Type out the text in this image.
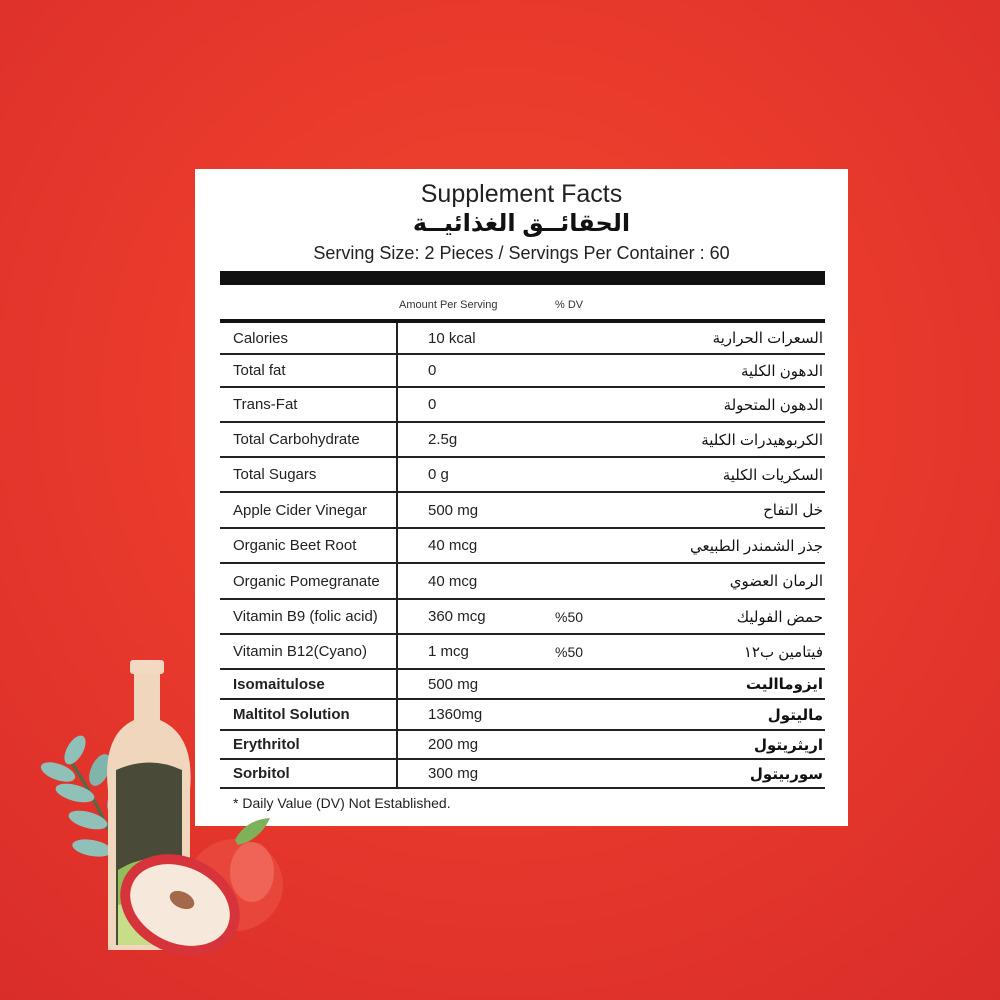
Supplement Facts
الحقائــق الغذائيــة
Serving Size: 2 Pieces / Servings Per Container : 60
Amount Per Serving	% DV
Calories	10 kcal	السعرات الحرارية
Total fat	0	الدهون الكلية
Trans-Fat	0	الدهون المتحولة
Total Carbohydrate	2.5g	الكربوهيدرات الكلية
Total Sugars	0 g	السكريات الكلية
Apple Cider Vinegar	500 mg	خل التفاح
Organic Beet Root	40 mcg	جذر الشمندر الطبيعي
Organic Pomegranate	40 mcg	الرمان العضوي
Vitamin B9 (folic acid)	360 mcg	%50	حمض الفوليك
Vitamin B12(Cyano)	1 mcg	%50	فيتامين ب١٢
Isomaitulose	500 mg	ايزومااليت
Maltitol Solution	1360mg	ماليتول
Erythritol	200 mg	اريثريتول
Sorbitol	300 mg	سوربيتول
* Daily Value (DV) Not Established.
